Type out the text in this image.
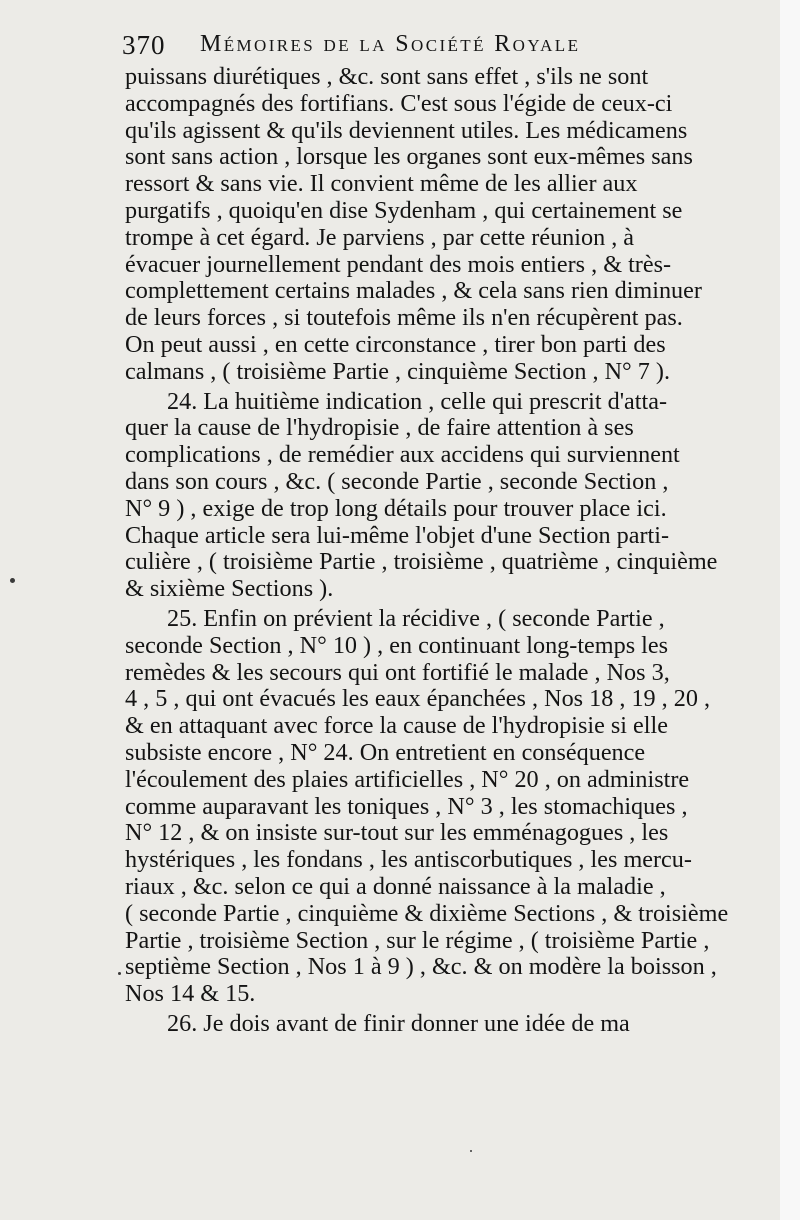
370 Mémoires de la Société Royale
puissans diurétiques , &c. sont sans effet , s'ils ne sont
accompagnés des fortifians. C'est sous l'égide de ceux-ci
qu'ils agissent & qu'ils deviennent utiles. Les médicamens
sont sans action , lorsque les organes sont eux-mêmes sans
ressort & sans vie. Il convient même de les allier aux
purgatifs , quoiqu'en dise Sydenham , qui certainement se
trompe à cet égard. Je parviens , par cette réunion , à
évacuer journellement pendant des mois entiers , & très-
complettement certains malades , & cela sans rien diminuer
de leurs forces , si toutefois même ils n'en récupèrent pas.
On peut aussi , en cette circonstance , tirer bon parti des
calmans , ( troisième Partie , cinquième Section , N° 7 ).
24. La huitième indication , celle qui prescrit d'atta-
quer la cause de l'hydropisie , de faire attention à ses
complications , de remédier aux accidens qui surviennent
dans son cours , &c. ( seconde Partie , seconde Section ,
N° 9 ) , exige de trop long détails pour trouver place ici.
Chaque article sera lui-même l'objet d'une Section parti-
culière , ( troisième Partie , troisième , quatrième , cinquième
& sixième Sections ).
25. Enfin on prévient la récidive , ( seconde Partie ,
seconde Section , N° 10 ) , en continuant long-temps les
remèdes & les secours qui ont fortifié le malade , Nos 3,
4 , 5 , qui ont évacués les eaux épanchées , Nos 18 , 19 , 20 ,
& en attaquant avec force la cause de l'hydropisie si elle
subsiste encore , N° 24. On entretient en conséquence
l'écoulement des plaies artificielles , N° 20 , on administre
comme auparavant les toniques , N° 3 , les stomachiques ,
N° 12 , & on insiste sur-tout sur les emménagogues , les
hystériques , les fondans , les antiscorbutiques , les mercu-
riaux , &c. selon ce qui a donné naissance à la maladie ,
( seconde Partie , cinquième & dixième Sections , & troisième
Partie , troisième Section , sur le régime , ( troisième Partie ,
septième Section , Nos 1 à 9 ) , &c. & on modère la boisson ,
Nos 14 & 15.
26. Je dois avant de finir donner une idée de ma
